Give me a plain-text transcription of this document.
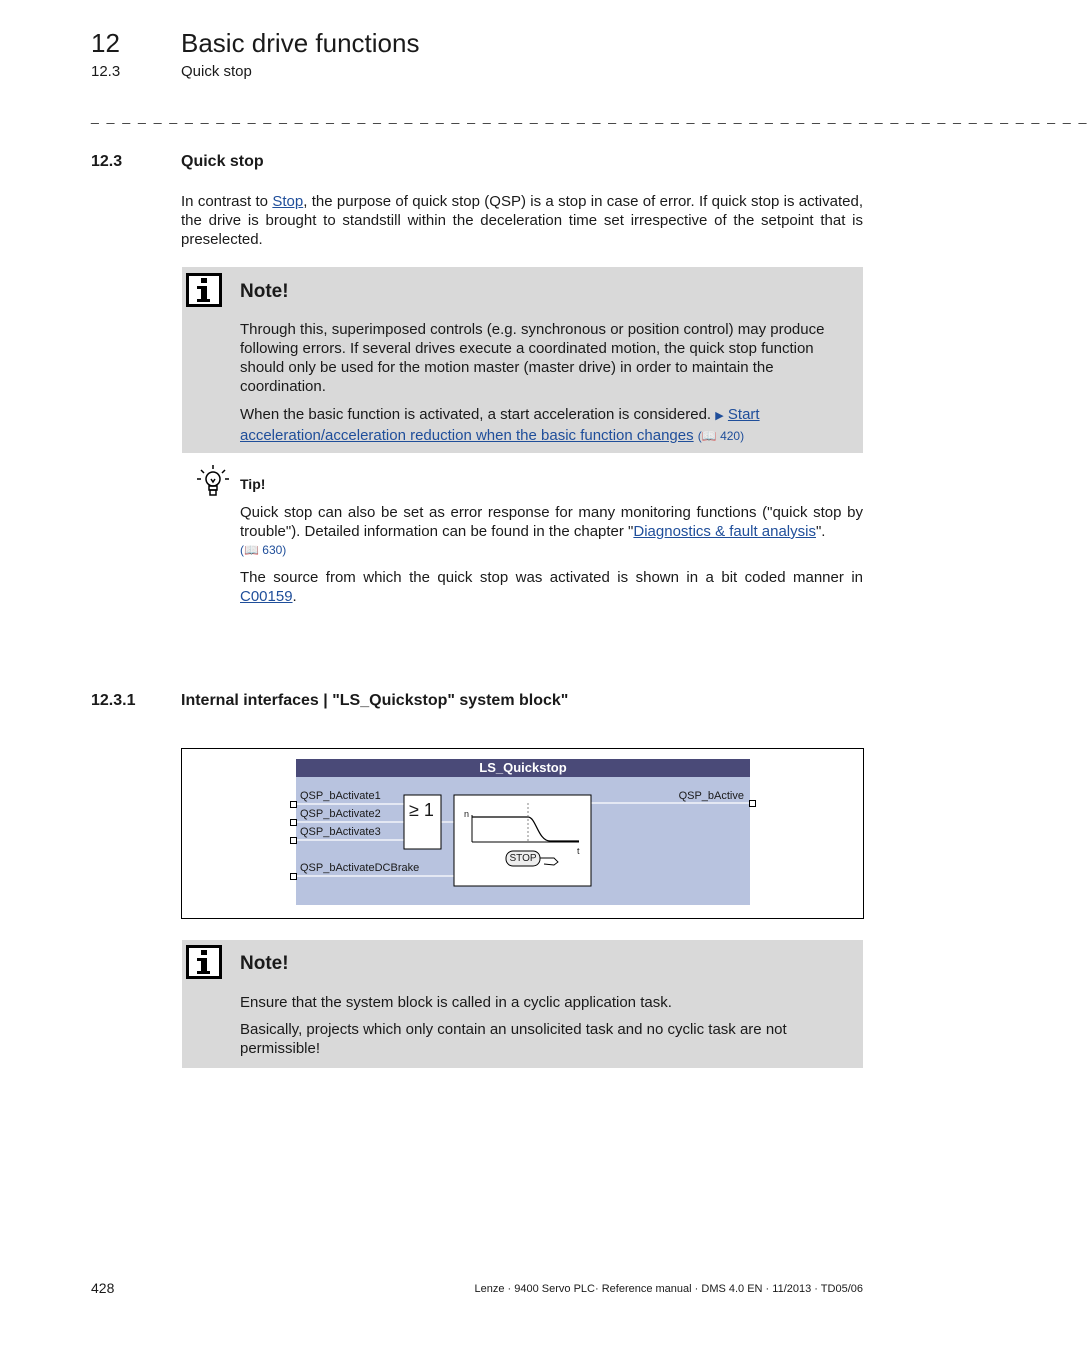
12 Basic drive functions
12.3	Quick stop
_ _ _ _ _ _ _ _ _ _ _ _ _ _ _ _ _ _ _ _ _ _ _ _ _ _ _ _ _ _ _ _ _ _ _ _ _ _ _ _ _ _ _ _ _ _ _ _ _ _ _ _ _ _ _ _ _ _ _ _ _ _ _ _
12.3	Quick stop
In contrast to Stop, the purpose of quick stop (QSP) is a stop in case of error. If quick stop is activated, the drive is brought to standstill within the deceleration time set irrespective of the setpoint that is preselected.
Note!
Through this, superimposed controls (e.g. synchronous or position control) may produce following errors. If several drives execute a coordinated motion, the quick stop function should only be used for the motion master (master drive) in order to maintain the coordination.
When the basic function is activated, a start acceleration is considered. ▶ Start acceleration/acceleration reduction when the basic function changes (📖 420)
Tip!
Quick stop can also be set as error response for many monitoring functions ("quick stop by trouble"). Detailed information can be found in the chapter "Diagnostics & fault analysis".
(📖 630)
The source from which the quick stop was activated is shown in a bit coded manner in C00159.
12.3.1	Internal interfaces | "LS_Quickstop" system block"
LS_Quickstop
QSP_bActivate1
QSP_bActivate2
QSP_bActivate3
QSP_bActivateDCBrake
≥ 1	n
t
STOP
QSP_bActive
Note!
Ensure that the system block is called in a cyclic application task.
Basically, projects which only contain an unsolicited task and no cyclic task are not permissible!
428	Lenze · 9400 Servo PLC· Reference manual · DMS 4.0 EN · 11/2013 · TD05/06
